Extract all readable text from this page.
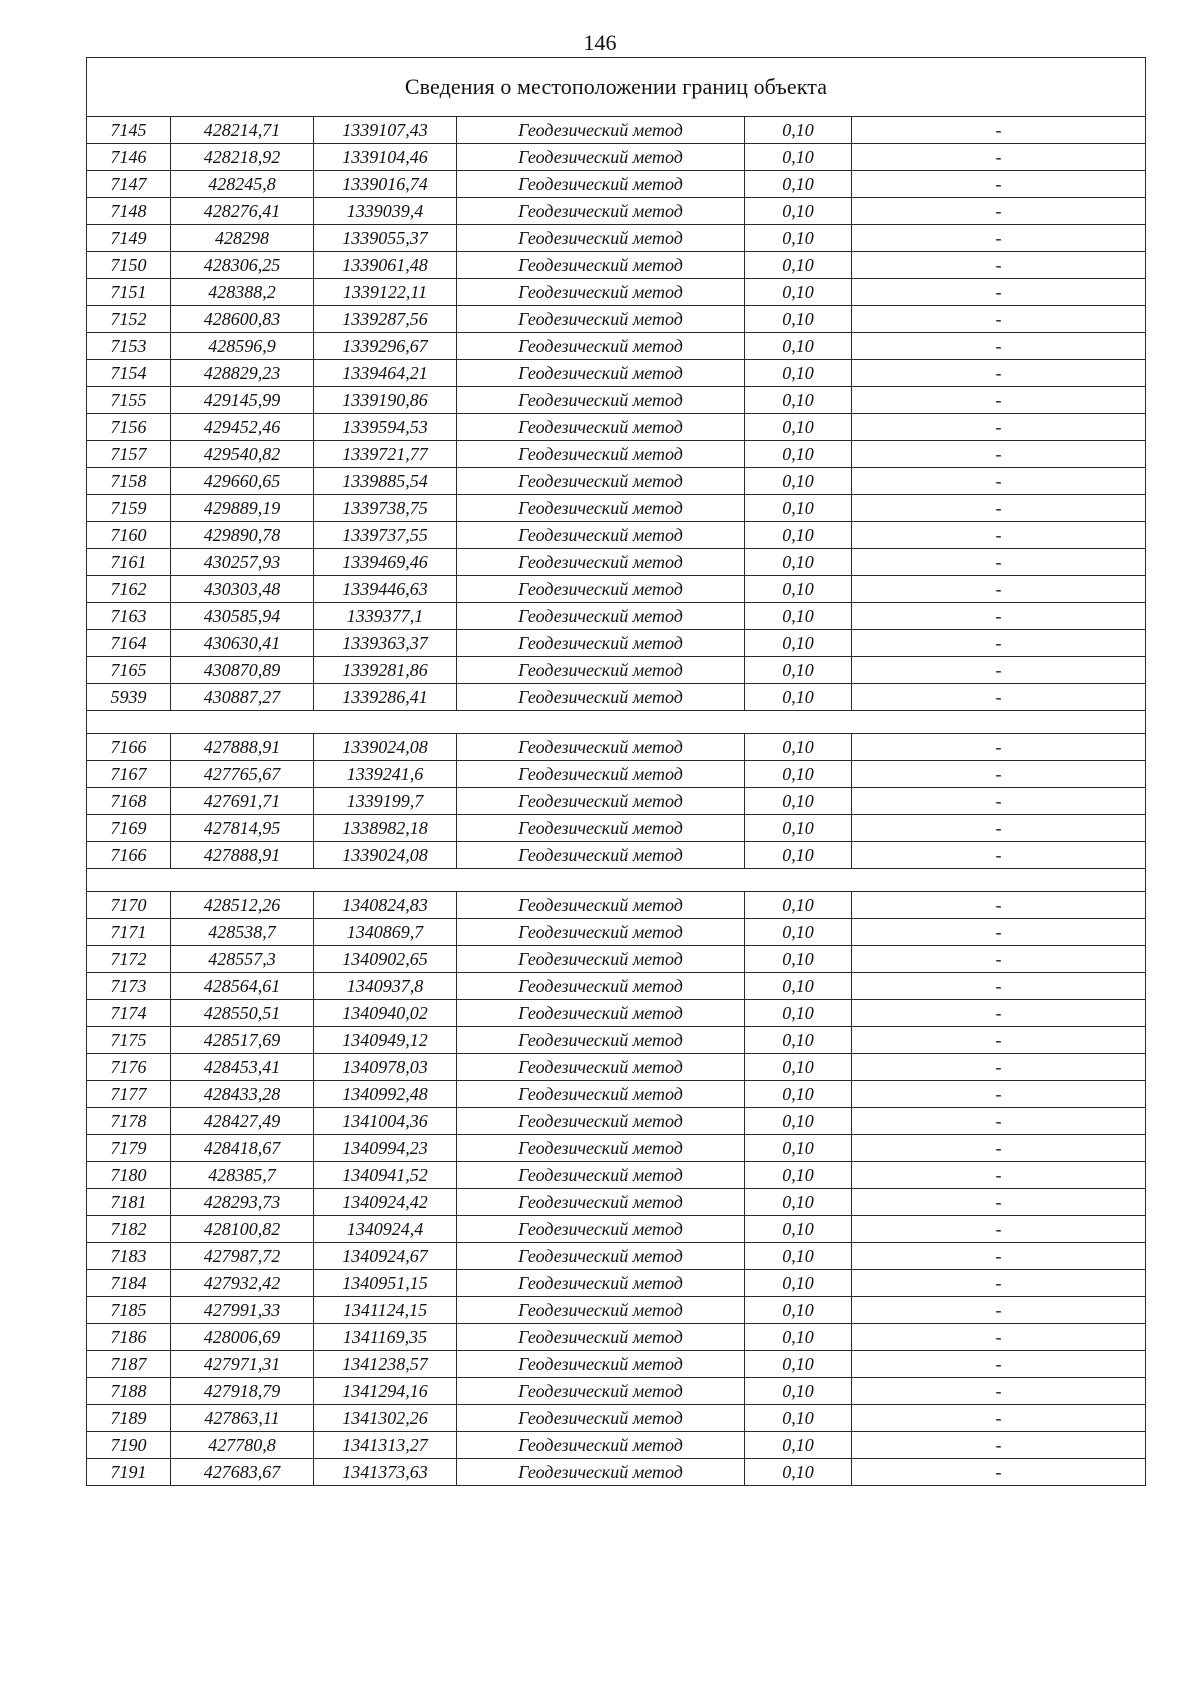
146
Сведения о местоположении границ объекта					
7145	428214,71	1339107,43	Геодезический метод	0,10	-
7146	428218,92	1339104,46	Геодезический метод	0,10	-
7147	428245,8	1339016,74	Геодезический метод	0,10	-
7148	428276,41	1339039,4	Геодезический метод	0,10	-
7149	428298	1339055,37	Геодезический метод	0,10	-
7150	428306,25	1339061,48	Геодезический метод	0,10	-
7151	428388,2	1339122,11	Геодезический метод	0,10	-
7152	428600,83	1339287,56	Геодезический метод	0,10	-
7153	428596,9	1339296,67	Геодезический метод	0,10	-
7154	428829,23	1339464,21	Геодезический метод	0,10	-
7155	429145,99	1339190,86	Геодезический метод	0,10	-
7156	429452,46	1339594,53	Геодезический метод	0,10	-
7157	429540,82	1339721,77	Геодезический метод	0,10	-
7158	429660,65	1339885,54	Геодезический метод	0,10	-
7159	429889,19	1339738,75	Геодезический метод	0,10	-
7160	429890,78	1339737,55	Геодезический метод	0,10	-
7161	430257,93	1339469,46	Геодезический метод	0,10	-
7162	430303,48	1339446,63	Геодезический метод	0,10	-
7163	430585,94	1339377,1	Геодезический метод	0,10	-
7164	430630,41	1339363,37	Геодезический метод	0,10	-
7165	430870,89	1339281,86	Геодезический метод	0,10	-
5939	430887,27	1339286,41	Геодезический метод	0,10	-

7166	427888,91	1339024,08	Геодезический метод	0,10	-
7167	427765,67	1339241,6	Геодезический метод	0,10	-
7168	427691,71	1339199,7	Геодезический метод	0,10	-
7169	427814,95	1338982,18	Геодезический метод	0,10	-
7166	427888,91	1339024,08	Геодезический метод	0,10	-

7170	428512,26	1340824,83	Геодезический метод	0,10	-
7171	428538,7	1340869,7	Геодезический метод	0,10	-
7172	428557,3	1340902,65	Геодезический метод	0,10	-
7173	428564,61	1340937,8	Геодезический метод	0,10	-
7174	428550,51	1340940,02	Геодезический метод	0,10	-
7175	428517,69	1340949,12	Геодезический метод	0,10	-
7176	428453,41	1340978,03	Геодезический метод	0,10	-
7177	428433,28	1340992,48	Геодезический метод	0,10	-
7178	428427,49	1341004,36	Геодезический метод	0,10	-
7179	428418,67	1340994,23	Геодезический метод	0,10	-
7180	428385,7	1340941,52	Геодезический метод	0,10	-
7181	428293,73	1340924,42	Геодезический метод	0,10	-
7182	428100,82	1340924,4	Геодезический метод	0,10	-
7183	427987,72	1340924,67	Геодезический метод	0,10	-
7184	427932,42	1340951,15	Геодезический метод	0,10	-
7185	427991,33	1341124,15	Геодезический метод	0,10	-
7186	428006,69	1341169,35	Геодезический метод	0,10	-
7187	427971,31	1341238,57	Геодезический метод	0,10	-
7188	427918,79	1341294,16	Геодезический метод	0,10	-
7189	427863,11	1341302,26	Геодезический метод	0,10	-
7190	427780,8	1341313,27	Геодезический метод	0,10	-
7191	427683,67	1341373,63	Геодезический метод	0,10	-
